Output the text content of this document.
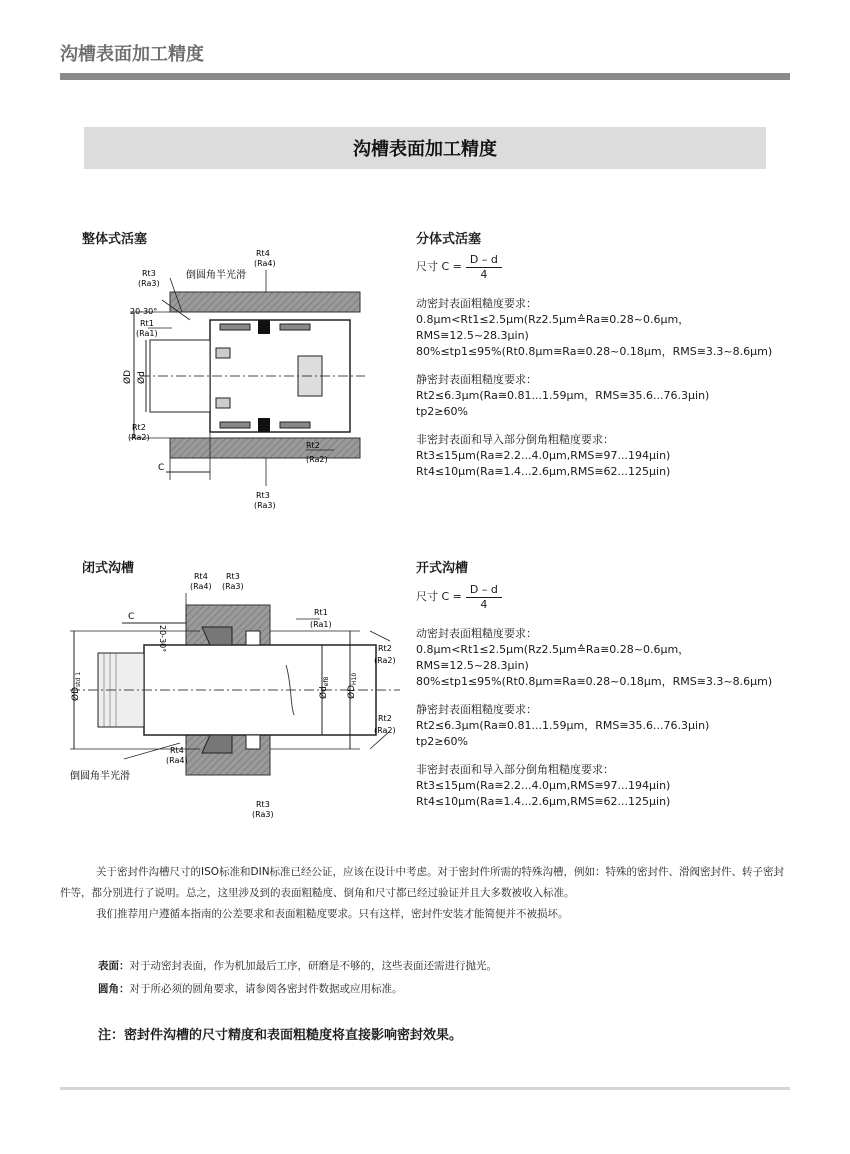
沟槽表面加工精度
沟槽表面加工精度
整体式活塞	分体式活塞
闭式沟槽	开式沟槽
尺寸 $C = \frac{D - d}{4}$

动密封表面粗糙度要求：

0.8μm<Rt1≤2.5μm(Rz2.5μm≙Ra≅0.28~0.6μm，RMS≅12.5~28.3μin)

80%≤tp1≤95%(Rt0.8μm≅Ra≅0.28~0.18μm，RMS≅3.3~8.6μm)

静密封表面粗糙度要求：

Rt2≤6.3μm(Ra≅0.81...1.59μm，RMS≅35.6...76.3μin)

tp2≥60%

非密封表面和导入部分倒角粗糙度要求：

Rt3≤15μm(Ra≅2.2...4.0μm,RMS≅97...194μin)

Rt4≤10μm(Ra≅1.4...2.6μm,RMS≅62...125μin)

尺寸 $C = \frac{D - d}{4}$

动密封表面粗糙度要求：

0.8μm<Rt1≤2.5μm(Rz2.5μm≙Ra≅0.28~0.6μm，RMS≅12.5~28.3μin)

80%≤tp1≤95%(Rt0.8μm≅Ra≅0.28~0.18μm，RMS≅3.3~8.6μm)

静密封表面粗糙度要求：

Rt2≤6.3μm(Ra≅0.81...1.59μm，RMS≅35.6...76.3μin)

tp2≥60%

非密封表面和导入部分倒角粗糙度要求：

Rt3≤15μm(Ra≅2.2...4.0μm,RMS≅97...194μin)

Rt4≤10μm(Ra≅1.4...2.6μm,RMS≅62...125μin)

倒圆角半光滑
20-30°
Rt3
(Ra3)
Rt1
(Ra1)
Rt2
(Ra2)
Rt4
(Ra4)
Rt2
(Ra2)
Rt3
(Ra3)
ØD Ød
C
C
20-30°
Rt4
(Ra4)
Rt3
(Ra3)
Rt1
(Ra1)
Rt2
(Ra2)
Rt2
(Ra2)
Rt4
(Ra4)
倒圆角半光滑
Rt3
(Ra3)
$ØD_{std 1}$
$Ød_{ef8}$
$ØD_{H10}$

关于密封件沟槽尺寸的ISO标准和DIN标准已经公证，应该在设计中考虑。对于密封件所需的特殊沟槽，例如：特殊的密封件、滑阀密封件、转子密封件等，都分别进行了说明。总之，这里涉及到的表面粗糙度、倒角和尺寸都已经过验证并且大多数被收入标准。

我们推荐用户遵循本指南的公差要求和表面粗糙度要求。只有这样，密封件安装才能简便并不被损坏。

表面：对于动密封表面，作为机加最后工序，研磨是不够的，这些表面还需进行抛光。
圆角：对于所必须的圆角要求，请参阅各密封件数据或应用标准。
注：密封件沟槽的尺寸精度和表面粗糙度将直接影响密封效果。
